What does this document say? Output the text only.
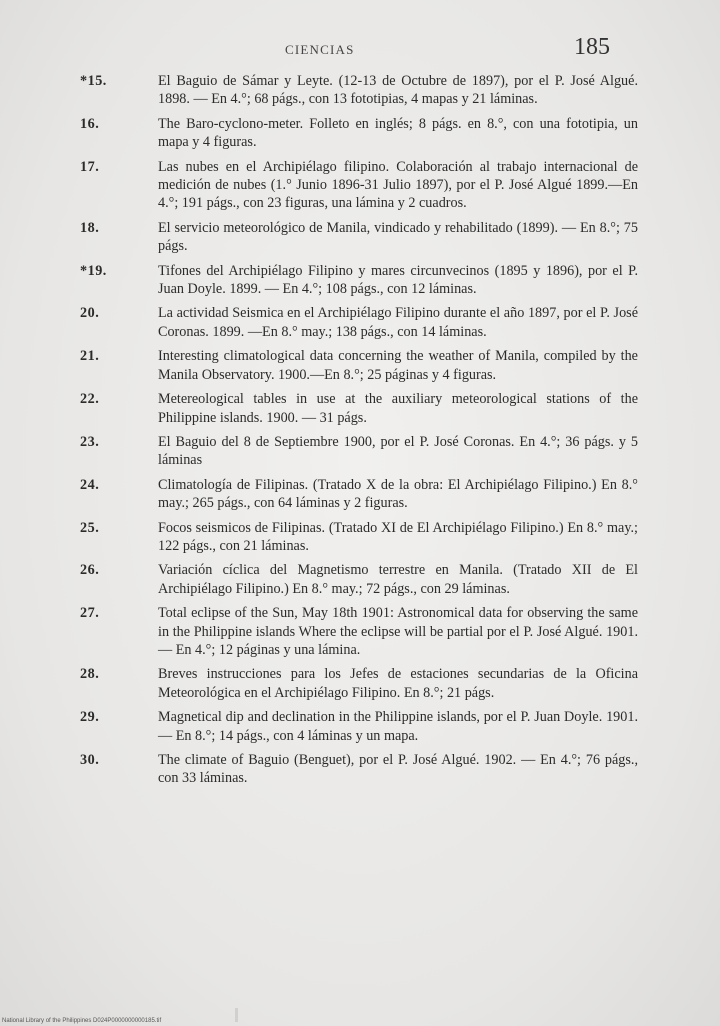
CIENCIAS	185
*15.	El Baguio de Sámar y Leyte. (12-13 de Octubre de 1897), por el P. José Algué. 1898. — En 4.°; 68 págs., con 13 fototipias, 4 mapas y 21 láminas.
16.	The Baro-cyclono-meter. Folleto en inglés; 8 págs. en 8.°, con una fototipia, un mapa y 4 figuras.
17.	Las nubes en el Archipiélago filipino. Colaboración al trabajo internacional de medición de nubes (1.° Junio 1896-31 Julio 1897), por el P. José Algué 1899.—En 4.°; 191 págs., con 23 figuras, una lámina y 2 cuadros.
18.	El servicio meteorológico de Manila, vindicado y rehabilitado (1899). — En 8.°; 75 págs.
*19.	Tifones del Archipiélago Filipino y mares circunvecinos (1895 y 1896), por el P. Juan Doyle. 1899. — En 4.°; 108 págs., con 12 láminas.
20.	La actividad Seismica en el Archipiélago Filipino durante el año 1897, por el P. José Coronas. 1899. —En 8.° may.; 138 págs., con 14 láminas.
21.	Interesting climatological data concerning the weather of Manila, compiled by the Manila Observatory. 1900.—En 8.°; 25 páginas y 4 figuras.
22.	Metereological tables in use at the auxiliary meteorological stations of the Philippine islands. 1900. — 31 págs.
23.	El Baguio del 8 de Septiembre 1900, por el P. José Coronas. En 4.°; 36 págs. y 5 láminas
24.	Climatología de Filipinas. (Tratado X de la obra: El Archipiélago Filipino.) En 8.° may.; 265 págs., con 64 láminas y 2 figuras.
25.	Focos seismicos de Filipinas. (Tratado XI de El Archipiélago Filipino.) En 8.° may.; 122 págs., con 21 láminas.
26.	Variación cíclica del Magnetismo terrestre en Manila. (Tratado XII de El Archipiélago Filipino.) En 8.° may.; 72 págs., con 29 láminas.
27.	Total eclipse of the Sun, May 18th 1901: Astronomical data for observing the same in the Philippine islands Where the eclipse will be partial por el P. José Algué. 1901. — En 4.°; 12 páginas y una lámina.
28.	Breves instrucciones para los Jefes de estaciones secundarias de la Oficina Meteorológica en el Archipiélago Filipino. En 8.°; 21 págs.
29.	Magnetical dip and declination in the Philippine islands, por el P. Juan Doyle. 1901. — En 8.°; 14 págs., con 4 láminas y un mapa.
30.	The climate of Baguio (Benguet), por el P. José Algué. 1902. — En 4.°; 76 págs., con 33 láminas.
National Library of the Philippines D024P0000000000185.tif
